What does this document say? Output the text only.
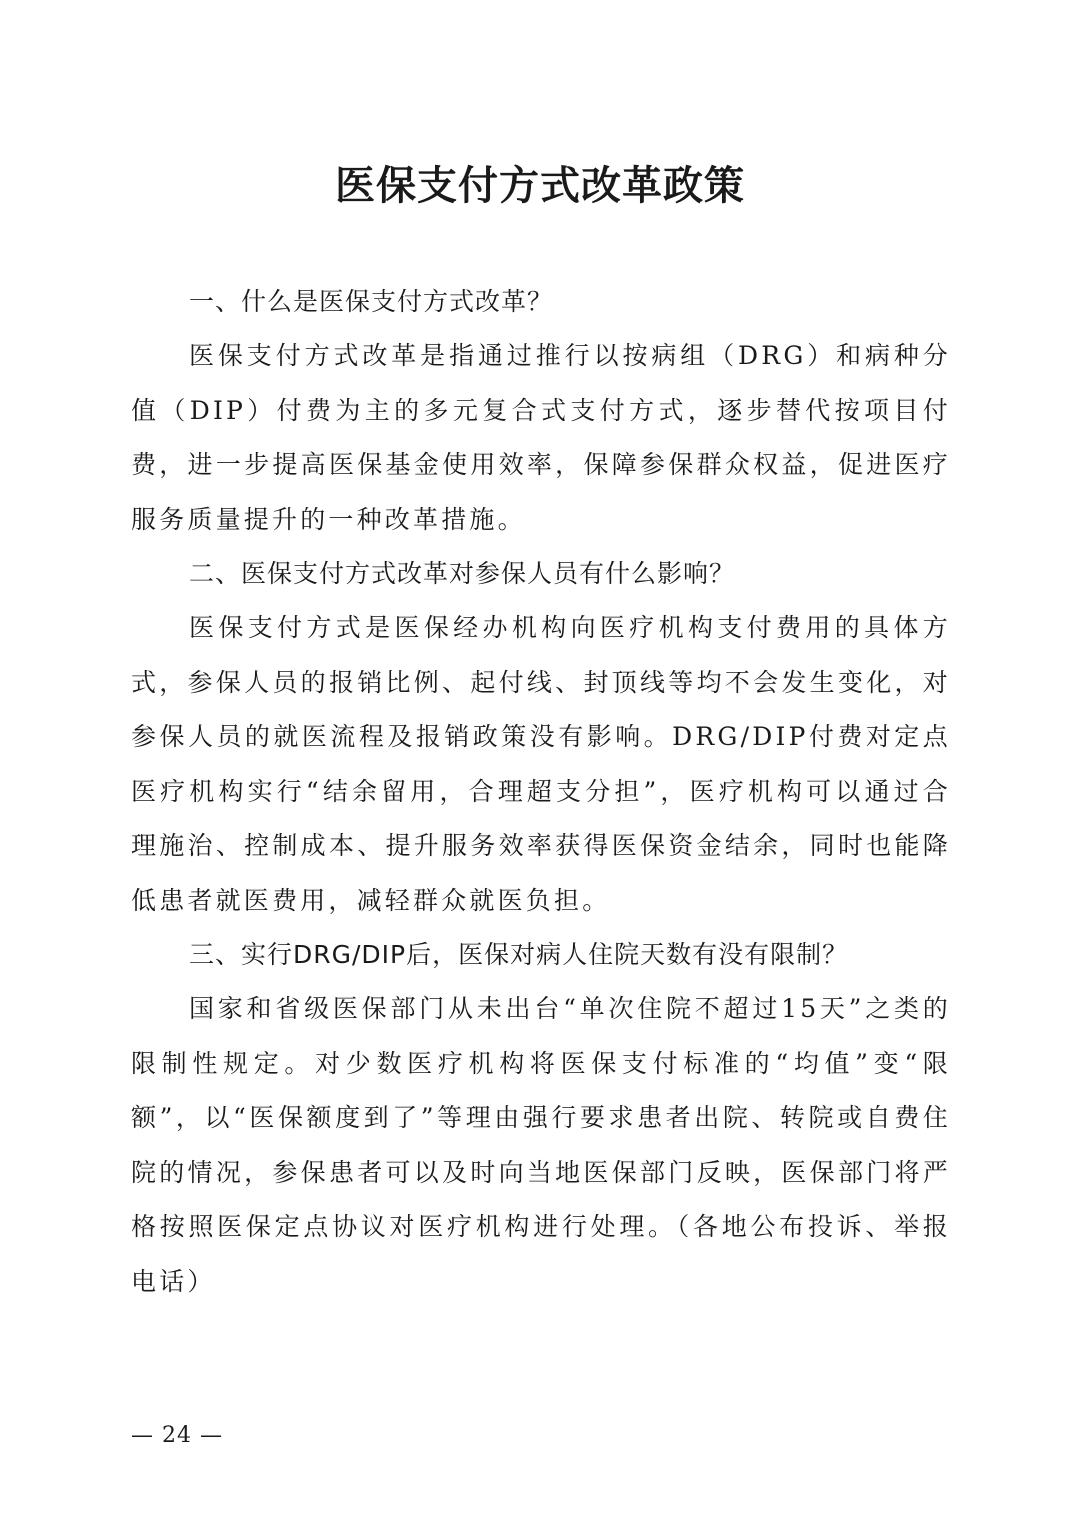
医保支付方式改革政策
一、什么是医保支付方式改革？

医保支付方式改革是指通过推行以按病组（DRG）和病种分值（DIP）付费为主的多元复合式支付方式，逐步替代按项目付费，进一步提高医保基金使用效率，保障参保群众权益，促进医疗服务质量提升的一种改革措施。

二、医保支付方式改革对参保人员有什么影响？

医保支付方式是医保经办机构向医疗机构支付费用的具体方式，参保人员的报销比例、起付线、封顶线等均不会发生变化，对参保人员的就医流程及报销政策没有影响。DRG/DIP付费对定点医疗机构实行“结余留用，合理超支分担”，医疗机构可以通过合理施治、控制成本、提升服务效率获得医保资金结余，同时也能降低患者就医费用，减轻群众就医负担。

三、实行DRG/DIP后，医保对病人住院天数有没有限制？

国家和省级医保部门从未出台“单次住院不超过15天”之类的限制性规定。对少数医疗机构将医保支付标准的“均值”变“限额”，以“医保额度到了”等理由强行要求患者出院、转院或自费住院的情况，参保患者可以及时向当地医保部门反映，医保部门将严格按照医保定点协议对医疗机构进行处理。（各地公布投诉、举报电话）

— 24 —
